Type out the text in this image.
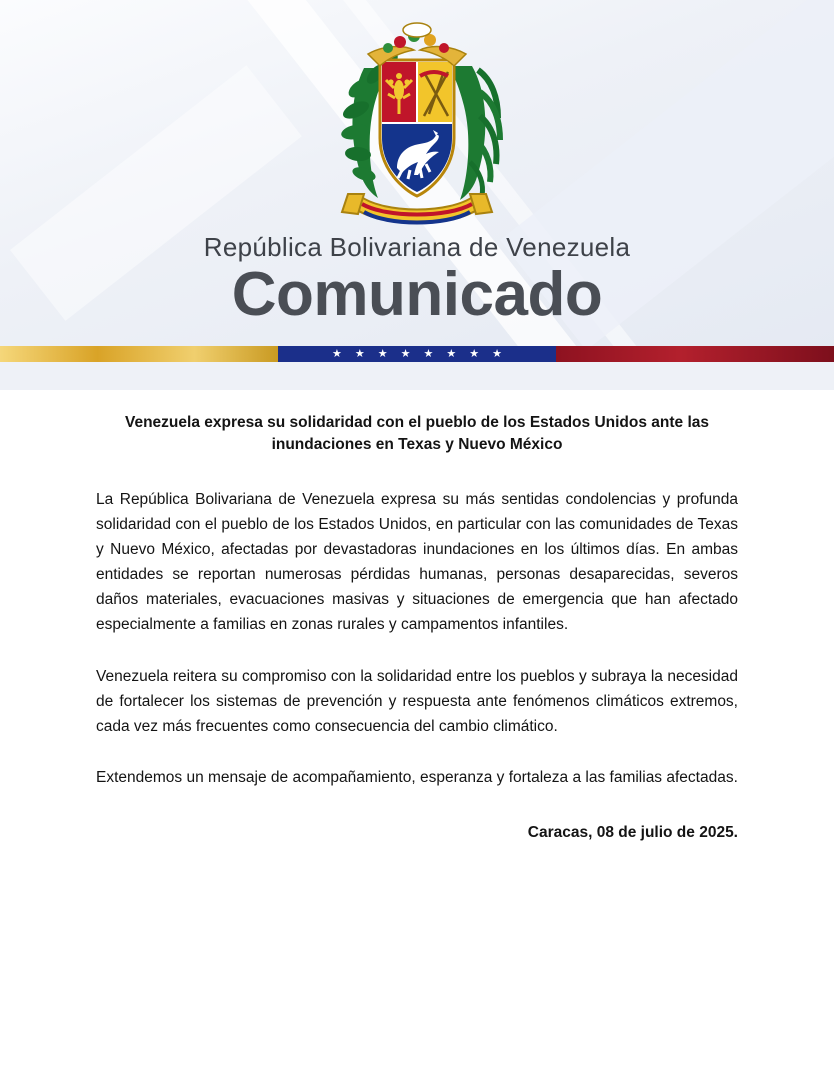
República Bolivariana de Venezuela
Comunicado
★ ★ ★ ★ ★ ★ ★ ★
Venezuela expresa su solidaridad con el pueblo de los Estados Unidos ante las inundaciones en Texas y Nuevo México

La República Bolivariana de Venezuela expresa su más sentidas condolencias y profunda solidaridad con el pueblo de los Estados Unidos, en particular con las comunidades de Texas y Nuevo México, afectadas por devastadoras inundaciones en los últimos días. En ambas entidades se reportan numerosas pérdidas humanas, personas desaparecidas, severos daños materiales, evacuaciones masivas y situaciones de emergencia que han afectado especialmente a familias en zonas rurales y campamentos infantiles.

Venezuela reitera su compromiso con la solidaridad entre los pueblos y subraya la necesidad de fortalecer los sistemas de prevención y respuesta ante fenómenos climáticos extremos, cada vez más frecuentes como consecuencia del cambio climático.

Extendemos un mensaje de acompañamiento, esperanza y fortaleza a las familias afectadas.

Caracas, 08 de julio de 2025.
